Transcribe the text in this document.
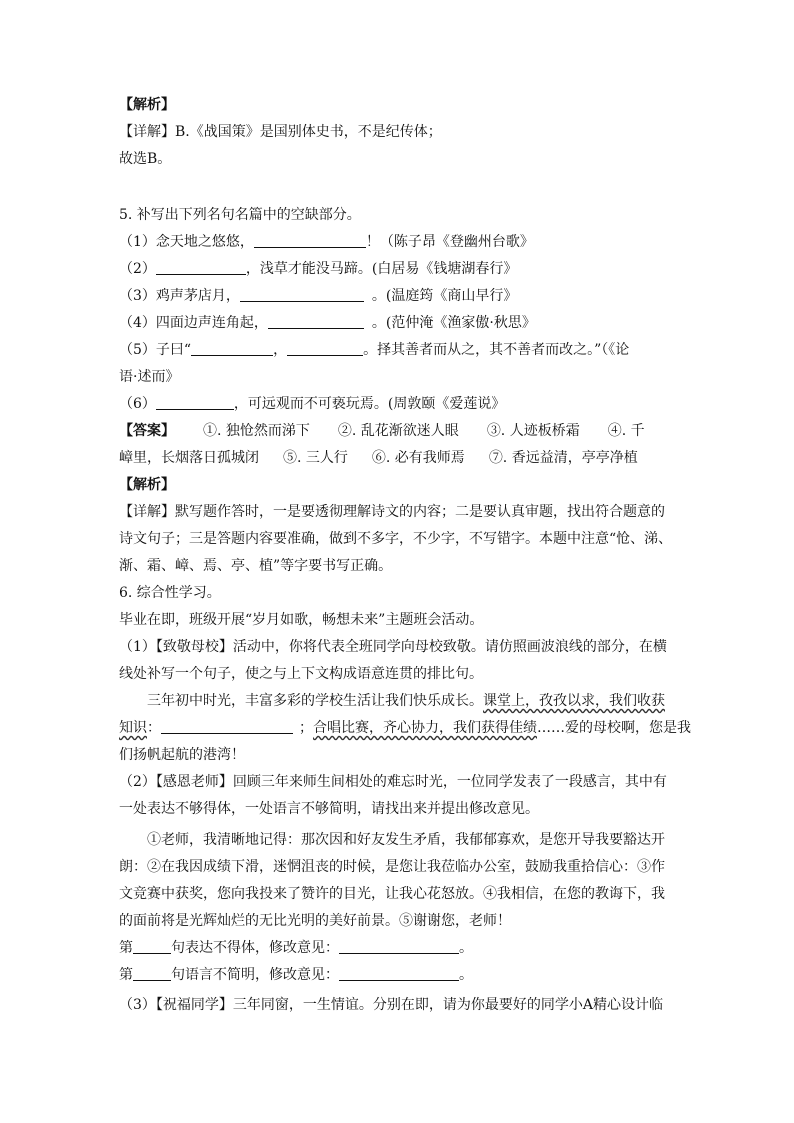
【解析】
【详解】B.《战国策》是国别体史书，不是纪传体；
故选B。
5. 补写出下列名句名篇中的空缺部分。
（1）念天地之悠悠，	！（陈子昂《登幽州台歌》
（2）	，浅草才能没马蹄。(白居易《钱塘湖春行》
（3）鸡声茅店月，	。(温庭筠《商山早行》
（4）四面边声连角起，	。(范仲淹《渔家傲·秋思》
（5）子曰“	，	。择其善者而从之，其不善者而改之。”（《论
语·述而》
（6）	，可远观而不可亵玩焉。(周敦颐《爱莲说》
【答案】 ①. 独怆然而涕下 ②. 乱花渐欲迷人眼 ③. 人迹板桥霜 ④. 千
嶂里，长烟落日孤城闭 ⑤. 三人行 ⑥. 必有我师焉 ⑦. 香远益清，亭亭净植
【解析】
【详解】默写题作答时，一是要透彻理解诗文的内容；二是要认真审题，找出符合题意的
诗文句子；三是答题内容要准确，做到不多字，不少字，不写错字。本题中注意“怆、涕、
渐、霜、嶂、焉、亭、植”等字要书写正确。
6. 综合性学习。
毕业在即，班级开展“岁月如歌，畅想未来”主题班会活动。
（1）【致敬母校】活动中，你将代表全班同学向母校致敬。请仿照画波浪线的部分，在横
线处补写一个句子，使之与上下文构成语意连贯的排比句。
三年初中时光，丰富多彩的学校生活让我们快乐成长。课堂上，孜孜以求，我们收获
知识：	；合唱比赛，齐心协力，我们获得佳绩……爱的母校啊，您是我
们扬帆起航的港湾！
（2）【感恩老师】回顾三年来师生间相处的难忘时光，一位同学发表了一段感言，其中有
一处表达不够得体，一处语言不够简明，请找出来并提出修改意见。
①老师，我清晰地记得：那次因和好友发生矛盾，我郁郁寡欢，是您开导我要豁达开
朗：②在我因成绩下滑，迷惘沮丧的时候，是您让我莅临办公室，鼓励我重拾信心：③作
文竞赛中获奖，您向我投来了赞许的目光，让我心花怒放。④我相信，在您的教诲下，我
的面前将是光辉灿烂的无比光明的美好前景。⑤谢谢您，老师！
第	句表达不得体，修改意见：	。
第	句语言不简明，修改意见：	。
（3）【祝福同学】三年同窗，一生情谊。分别在即，请为你最要好的同学小A精心设计临
